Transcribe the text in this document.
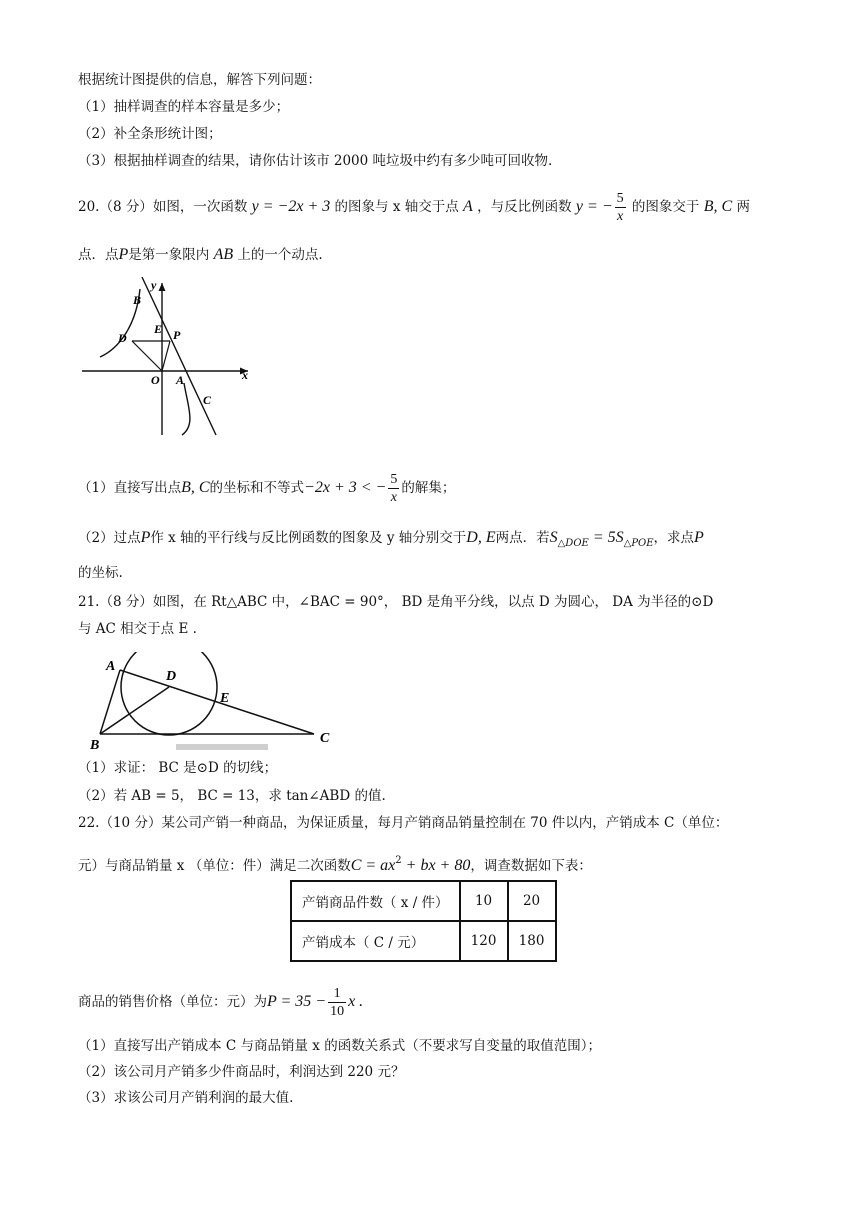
根据统计图提供的信息，解答下列问题：
（1）抽样调查的样本容量是多少；
（2）补全条形统计图；
（3）根据抽样调查的结果，请你估计该市 2000 吨垃圾中约有多少吨可回收物.
20.（8 分）如图，一次函数 y = −2x + 3 的图象与 x 轴交于点 A ，与反比例函数 y = − $\frac{5}{x}$ 的图象交于 B, C 两
点．点P是第一象限内 AB 上的一个动点.
B
y
E P
D
O A	x
C
（1）直接写出点B, C的坐标和不等式−2x + 3 < − $\frac{5}{x}$ 的解集；
（2）过点P作 x 轴的平行线与反比例函数的图象及 y 轴分别交于D, E两点．若$S_{\triangle DOE} = 5S_{\triangle POE}$，求点P
的坐标.
21.（8 分）如图，在 Rt△ABC 中，∠BAC = 90°， BD 是角平分线，以点 D 为圆心， DA 为半径的⊙D
与 AC 相交于点 E .
A
D
E
B	C
（1）求证： BC 是⊙D 的切线；
（2）若 AB = 5， BC = 13，求 tan∠ABD 的值.
22.（10 分）某公司产销一种商品，为保证质量，每月产销商品销量控制在 70 件以内，产销成本 C（单位：
元）与商品销量 x （单位：件）满足二次函数$C = ax^2$ + bx + 80，调查数据如下表：
产销商品件数（ x / 件）	10	20
产销成本（ C / 元）	120	180
商品的销售价格（单位：元）为$P = 35 - \frac{1}{10}$ x .
（1）直接写出产销成本 C 与商品销量 x 的函数关系式（不要求写自变量的取值范围）；
（2）该公司月产销多少件商品时，利润达到 220 元？
（3）求该公司月产销利润的最大值.
